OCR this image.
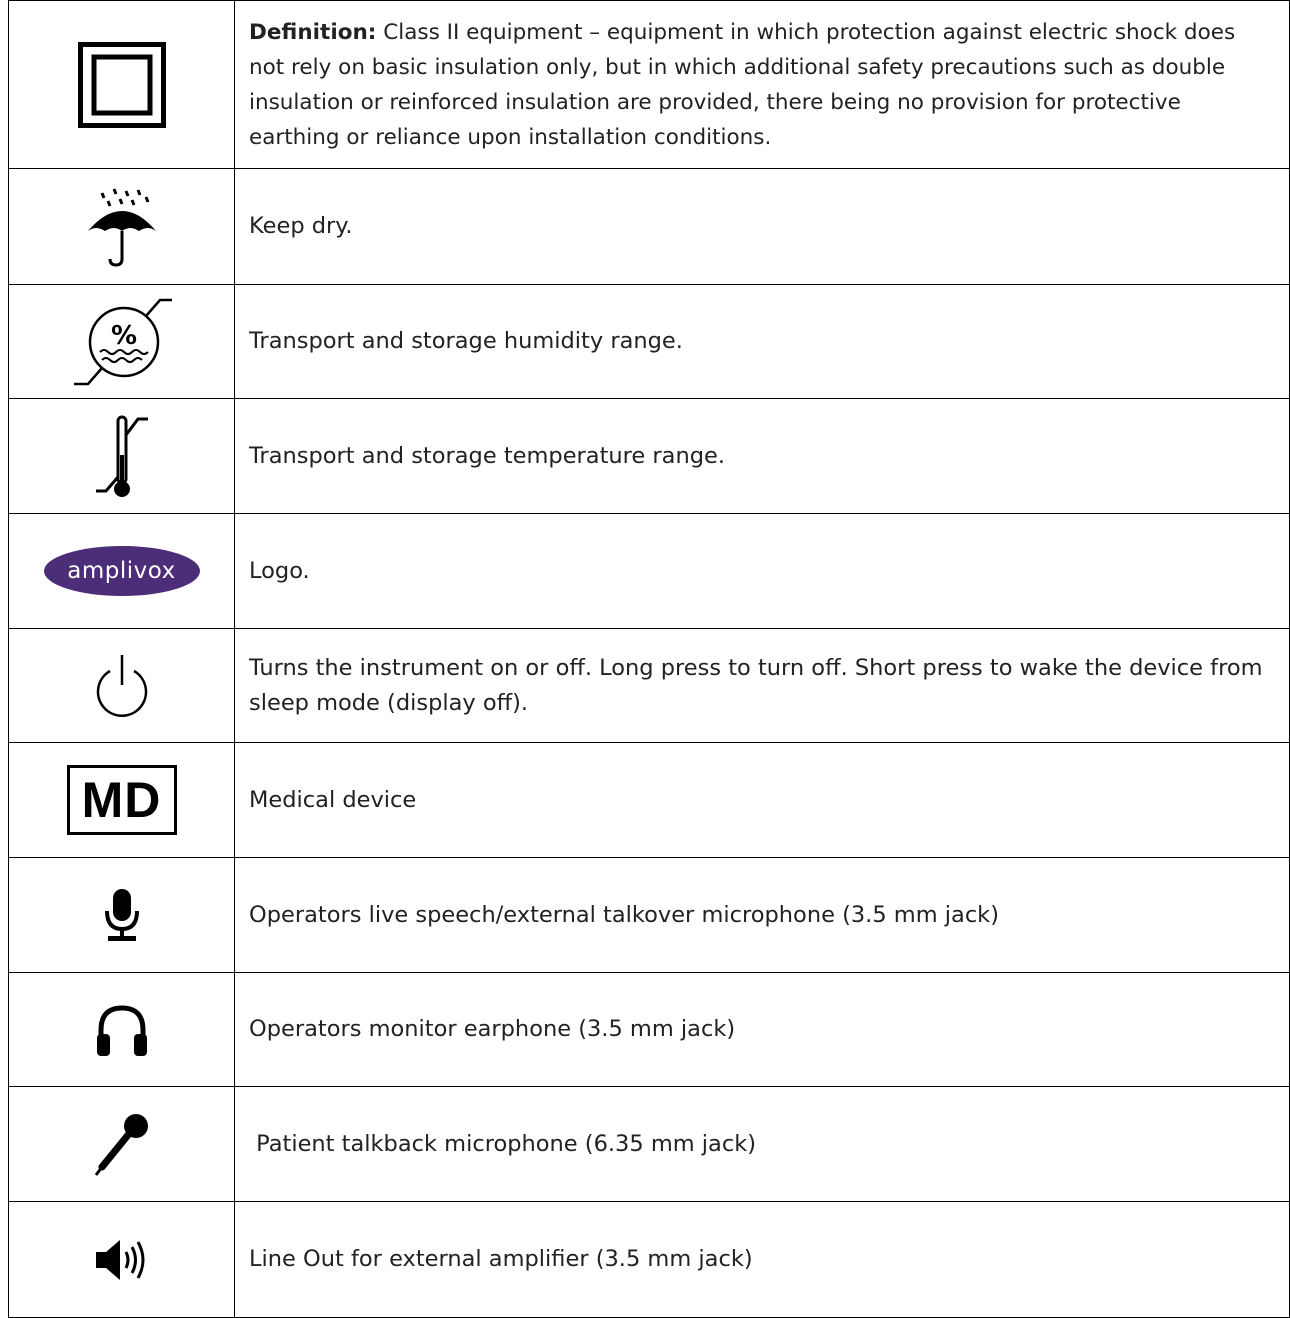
	Definition: Class II equipment – equipment in which protection against electric shock does not rely on basic insulation only, but in which additional safety precautions such as double insulation or reinforced insulation are provided, there being no provision for protective earthing or reliance upon installation conditions.

	Keep dry.

%	Transport and storage humidity range.

	Transport and storage temperature range.
amplivox	Logo.

	Turns the instrument on or off. Long press to turn off. Short press to wake the device from sleep mode (display off).
MD	Medical device

	Operators live speech/external talkover microphone (3.5 mm jack)

	Operators monitor earphone (3.5 mm jack)

	Patient talkback microphone (6.35 mm jack)

	Line Out for external amplifier (3.5 mm jack)
